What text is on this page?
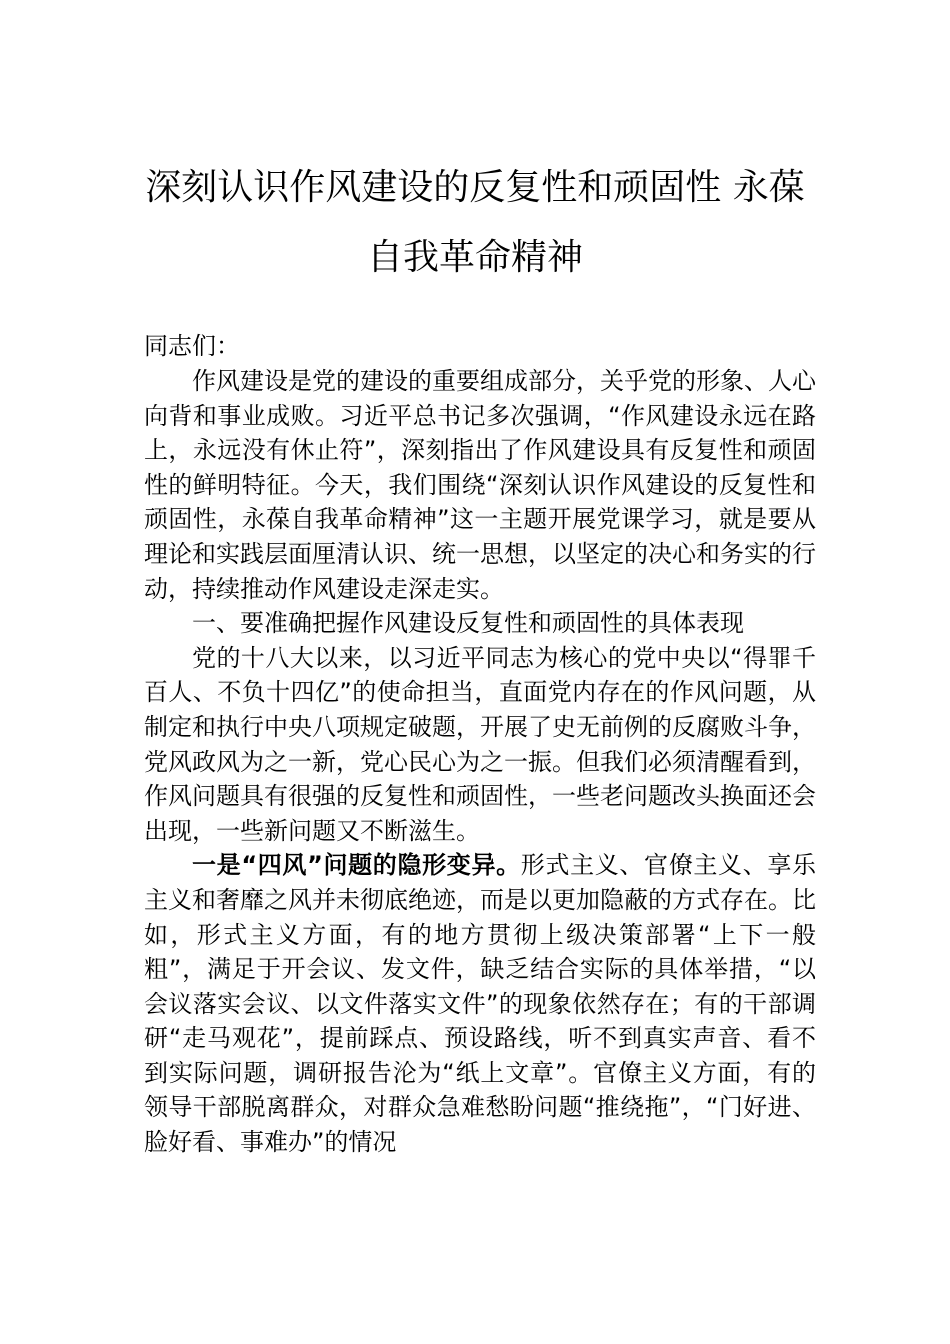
深刻认识作风建设的反复性和顽固性 永葆
自我革命精神
同志们：

作风建设是党的建设的重要组成部分，关乎党的形象、人心向背和事业成败。习近平总书记多次强调，“作风建设永远在路上，永远没有休止符”，深刻指出了作风建设具有反复性和顽固性的鲜明特征。今天，我们围绕“深刻认识作风建设的反复性和顽固性，永葆自我革命精神”这一主题开展党课学习，就是要从理论和实践层面厘清认识、统一思想，以坚定的决心和务实的行动，持续推动作风建设走深走实。

一、要准确把握作风建设反复性和顽固性的具体表现

党的十八大以来，以习近平同志为核心的党中央以“得罪千百人、不负十四亿”的使命担当，直面党内存在的作风问题，从制定和执行中央八项规定破题，开展了史无前例的反腐败斗争，党风政风为之一新，党心民心为之一振。但我们必须清醒看到，作风问题具有很强的反复性和顽固性，一些老问题改头换面还会出现，一些新问题又不断滋生。

一是“四风”问题的隐形变异。形式主义、官僚主义、享乐主义和奢靡之风并未彻底绝迹，而是以更加隐蔽的方式存在。比如，形式主义方面，有的地方贯彻上级决策部署“上下一般粗”，满足于开会议、发文件，缺乏结合实际的具体举措，“以会议落实会议、以文件落实文件”的现象依然存在；有的干部调研“走马观花”，提前踩点、预设路线，听不到真实声音、看不到实际问题，调研报告沦为“纸上文章”。官僚主义方面，有的领导干部脱离群众，对群众急难愁盼问题“推绕拖”，“门好进、脸好看、事难办”的情况
